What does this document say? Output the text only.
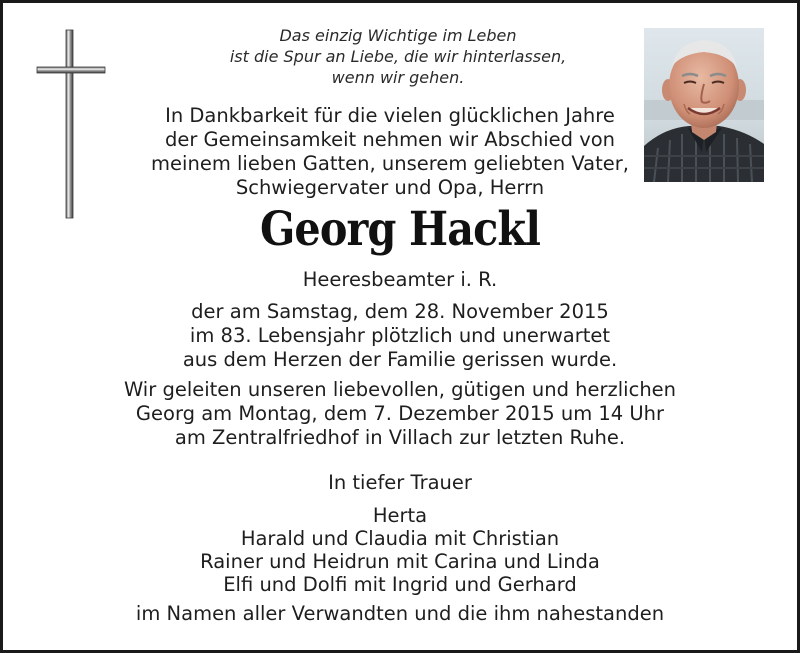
Das einzig Wichtige im Leben
ist die Spur an Liebe, die wir hinterlassen,
wenn wir gehen.
In Dankbarkeit für die vielen glücklichen Jahre
der Gemeinsamkeit nehmen wir Abschied von
meinem lieben Gatten, unserem geliebten Vater,
Schwiegervater und Opa, Herrn
Georg Hackl
Heeresbeamter i. R.
der am Samstag, dem 28. November 2015
im 83. Lebensjahr plötzlich und unerwartet
aus dem Herzen der Familie gerissen wurde.
Wir geleiten unseren liebevollen, gütigen und herzlichen
Georg am Montag, dem 7. Dezember 2015 um 14 Uhr
am Zentralfriedhof in Villach zur letzten Ruhe.
In tiefer Trauer
Herta
Harald und Claudia mit Christian
Rainer und Heidrun mit Carina und Linda
Elfi und Dolfi mit Ingrid und Gerhard
im Namen aller Verwandten und die ihm nahestanden
